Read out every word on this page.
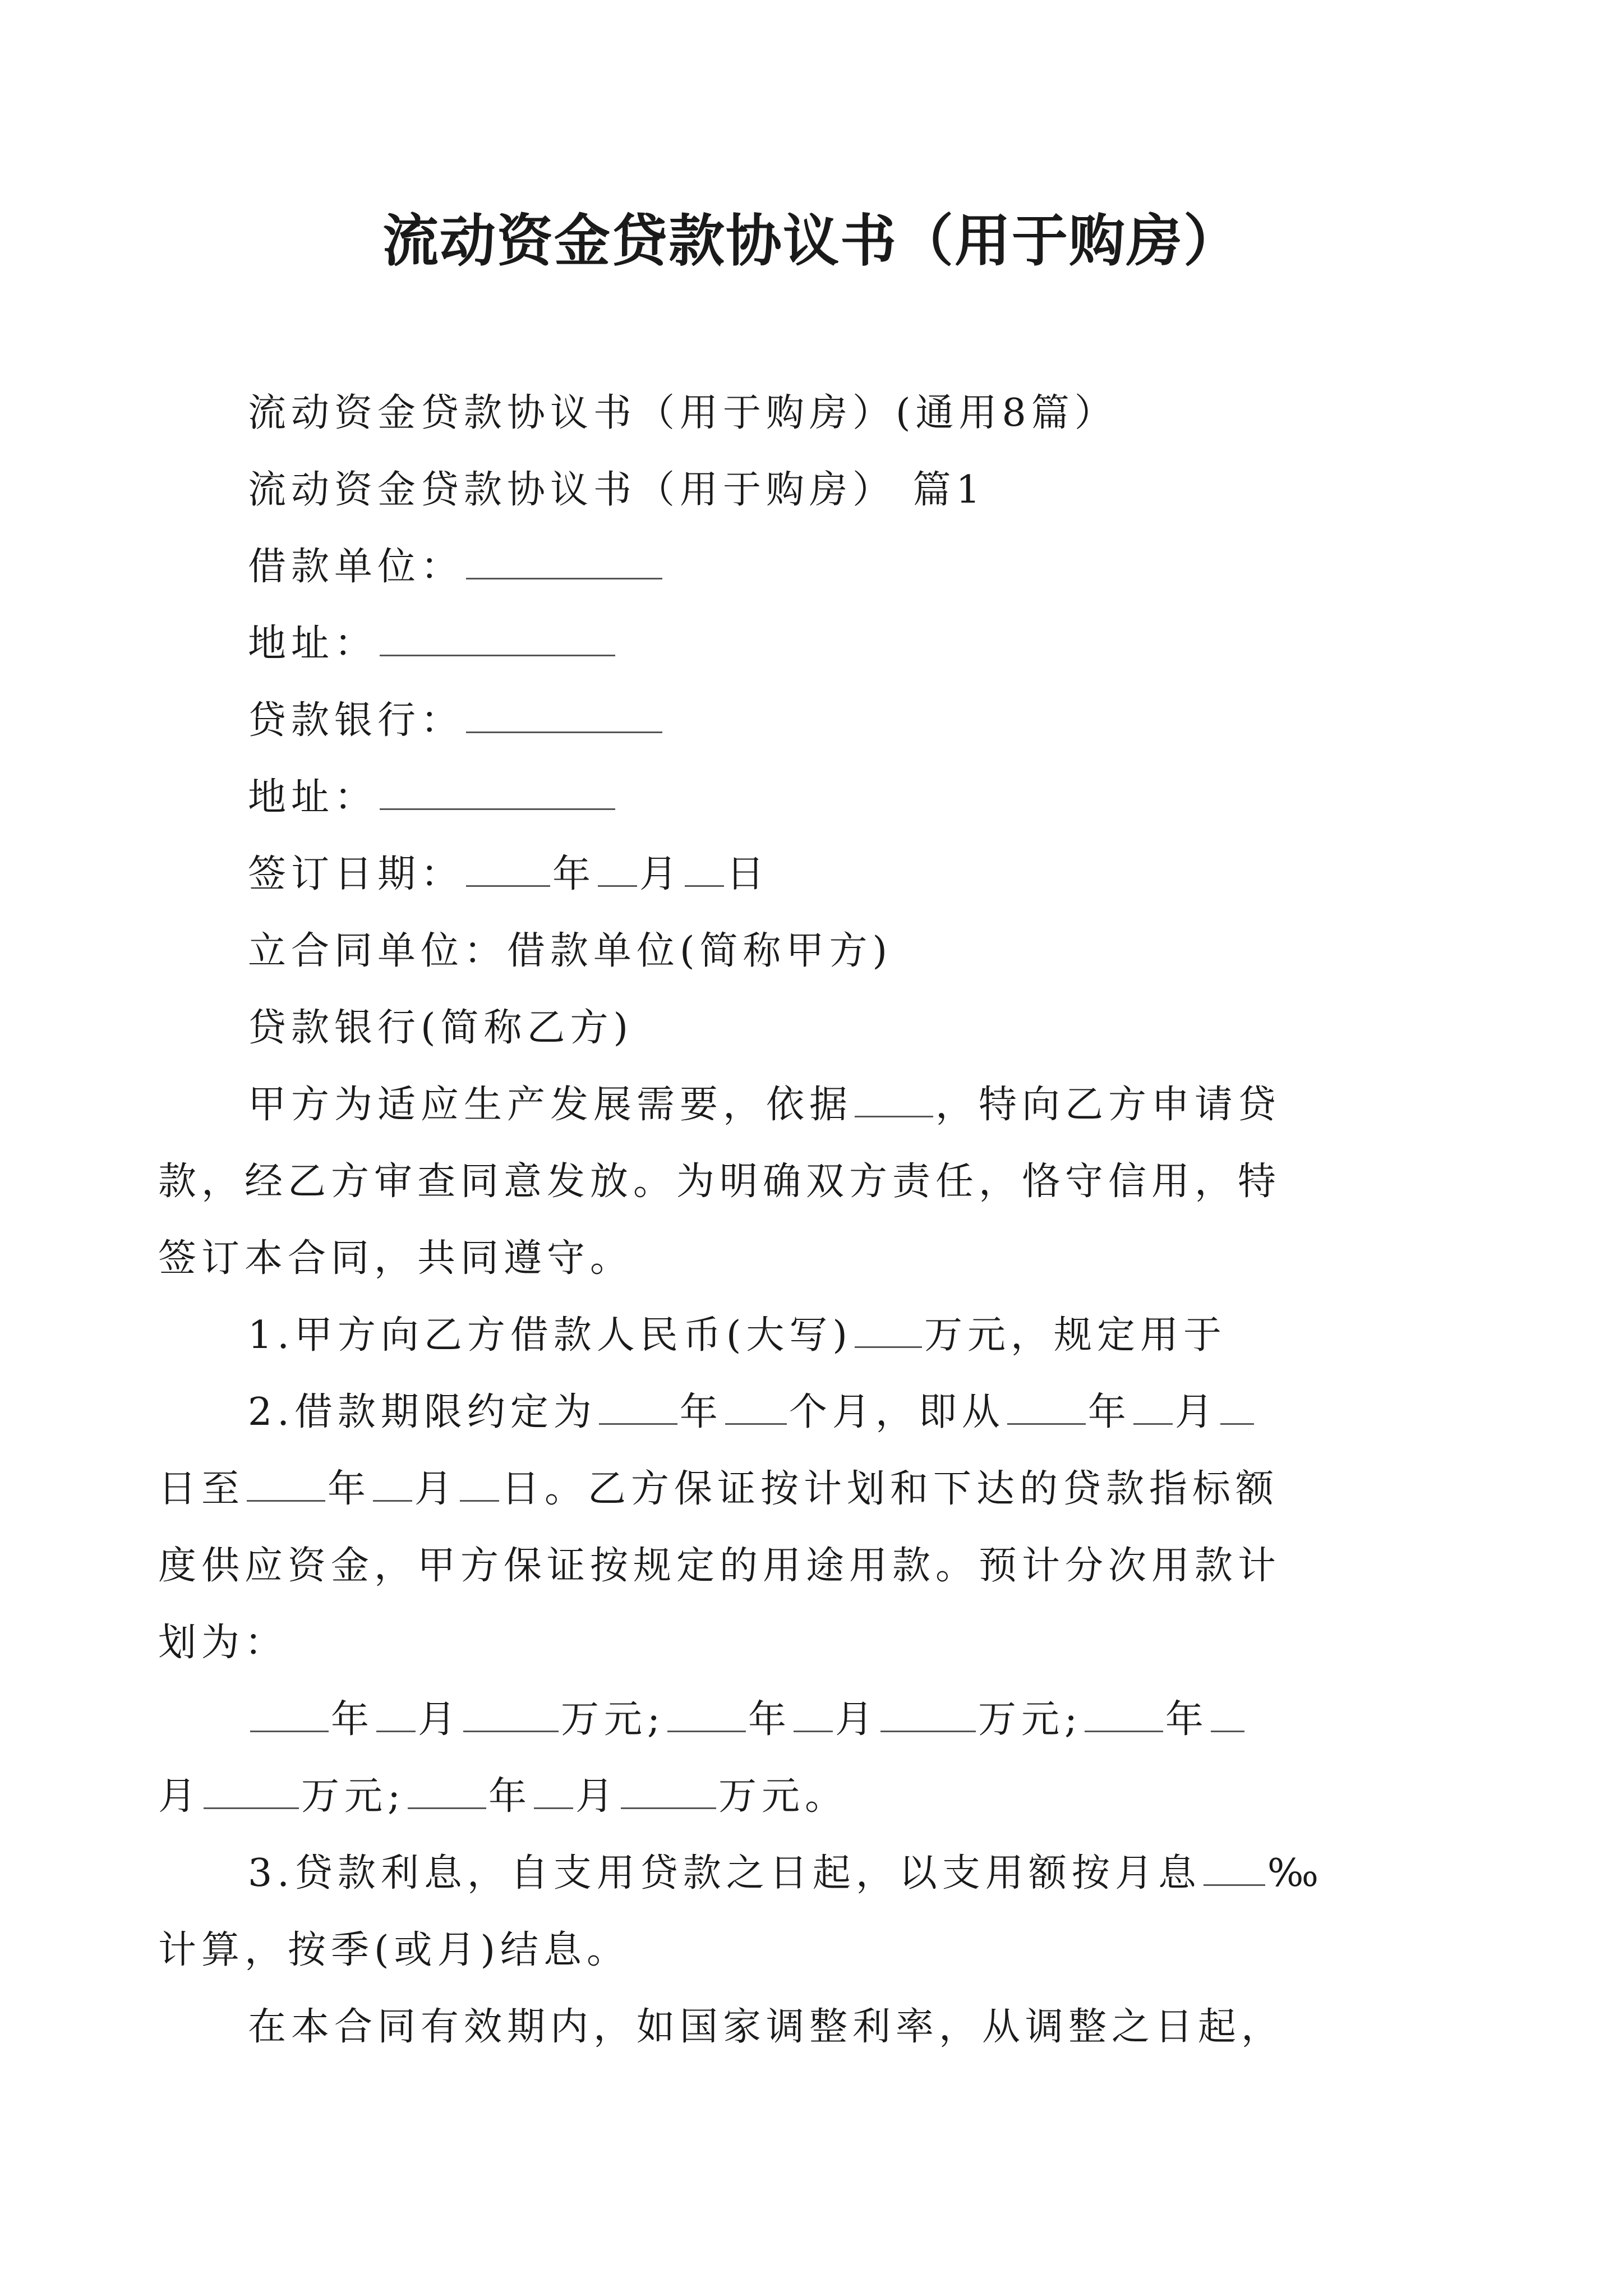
流动资金贷款协议书（用于购房）

流动资金贷款协议书（用于购房）(通用8篇）

流动资金贷款协议书（用于购房） 篇1

借款单位：

地址：

贷款银行：

地址：

签订日期： 年 月 日

立合同单位：借款单位(简称甲方)

贷款银行(简称乙方)

甲方为适应生产发展需要，依据 ，特向乙方申请贷

款，经乙方审查同意发放。为明确双方责任，恪守信用，特

签订本合同，共同遵守。

1.甲方向乙方借款人民币(大写) 万元，规定用于

2.借款期限约定为 年 个月，即从 年 月

日至 年 月 日。乙方保证按计划和下达的贷款指标额

度供应资金，甲方保证按规定的用途用款。预计分次用款计

划为：

年 月	万元; 年 月	万元; 年

月	万元; 年 月	万元。

3.贷款利息，自支用贷款之日起，以支用额按月息 ‰

计算，按季(或月)结息。

在本合同有效期内，如国家调整利率，从调整之日起，
